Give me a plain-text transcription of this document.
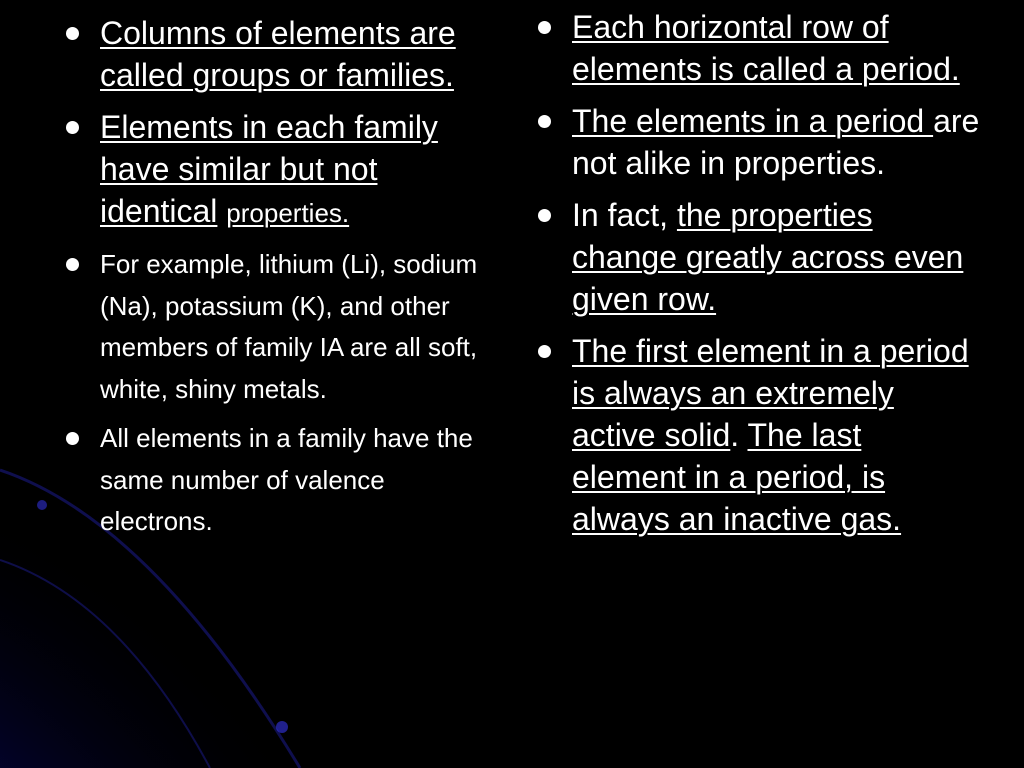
Columns of elements are called groups or families.
Elements in each family have similar but not identical properties.
For example, lithium (Li), sodium (Na), potassium (K), and other members of family IA are all soft, white, shiny metals.
All elements in a family have the same number of valence electrons.
Each horizontal row of elements is called a period.
The elements in a period are not alike in properties.
In fact, the properties change greatly across even given row.
The first element in a period is always an extremely active solid. The last element in a period, is always an inactive gas.
